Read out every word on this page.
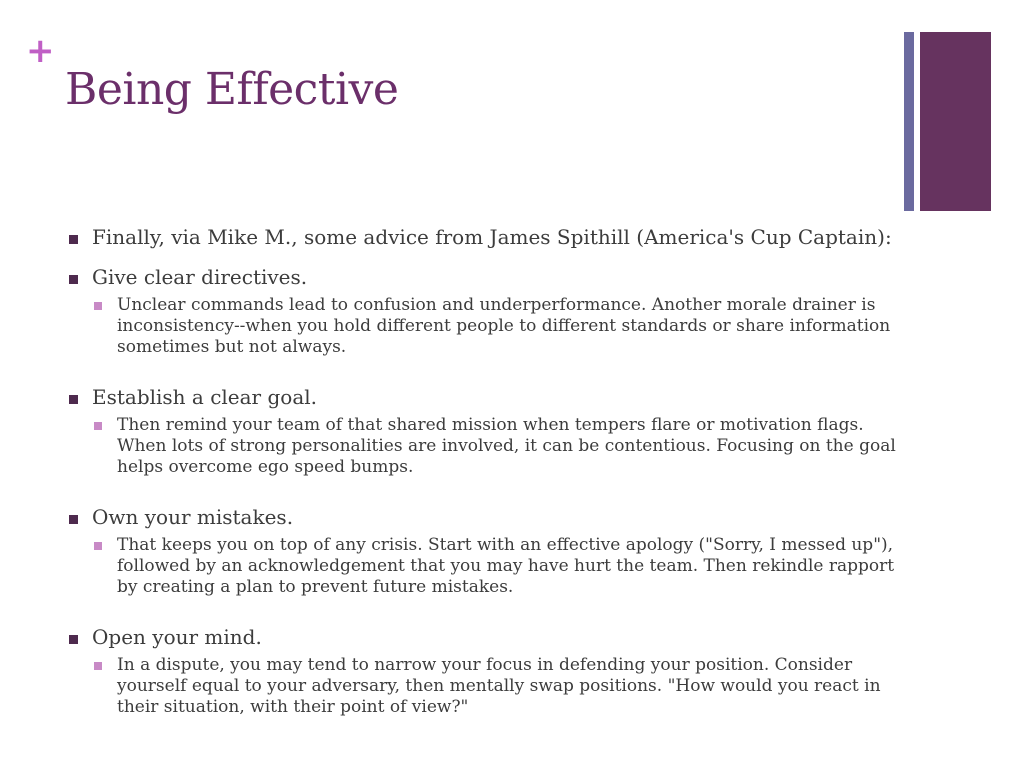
+
Being Effective
Finally, via Mike M., some advice from James Spithill (America's Cup Captain):
Give clear directives.
Unclear commands lead to confusion and underperformance. Another morale drainer is inconsistency--when you hold different people to different standards or share information sometimes but not always.
Establish a clear goal.
Then remind your team of that shared mission when tempers flare or motivation flags. When lots of strong personalities are involved, it can be contentious. Focusing on the goal helps overcome ego speed bumps.
Own your mistakes.
That keeps you on top of any crisis. Start with an effective apology ("Sorry, I messed up"), followed by an acknowledgement that you may have hurt the team. Then rekindle rapport by creating a plan to prevent future mistakes.
Open your mind.
In a dispute, you may tend to narrow your focus in defending your position. Consider yourself equal to your adversary, then mentally swap positions. "How would you react in their situation, with their point of view?"
